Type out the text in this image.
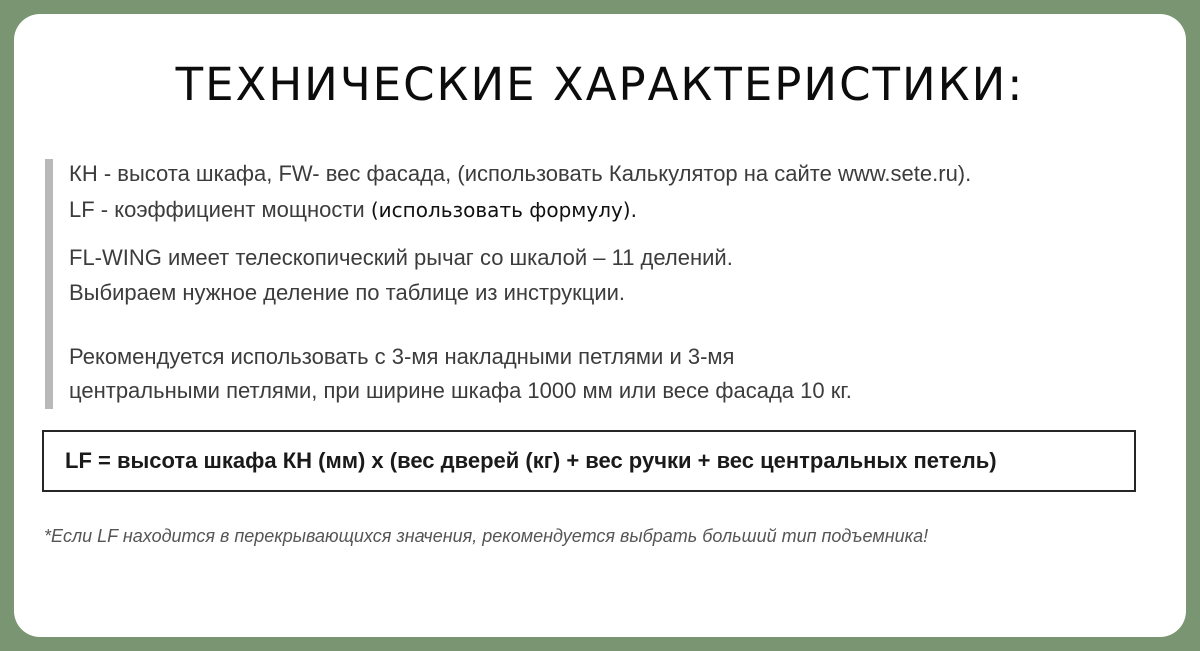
ТЕХНИЧЕСКИЕ ХАРАКТЕРИСТИКИ:
КН - высота шкафа, FW- вес фасада, (использовать Калькулятор на сайте www.sete.ru).
LF - коэффициент мощности (использовать формулу).
FL-WING имеет телескопический рычаг со шкалой – 11 делений.
Выбираем нужное деление по таблице из инструкции.
Рекомендуется использовать с 3-мя накладными петлями и 3-мя
центральными петлями, при ширине шкафа 1000 мм или весе фасада 10 кг.
LF = высота шкафа КН (мм) х (вес дверей (кг) + вес ручки + вес центральных петель)
*Если LF находится в перекрывающихся значения, рекомендуется выбрать больший тип подъемника!
